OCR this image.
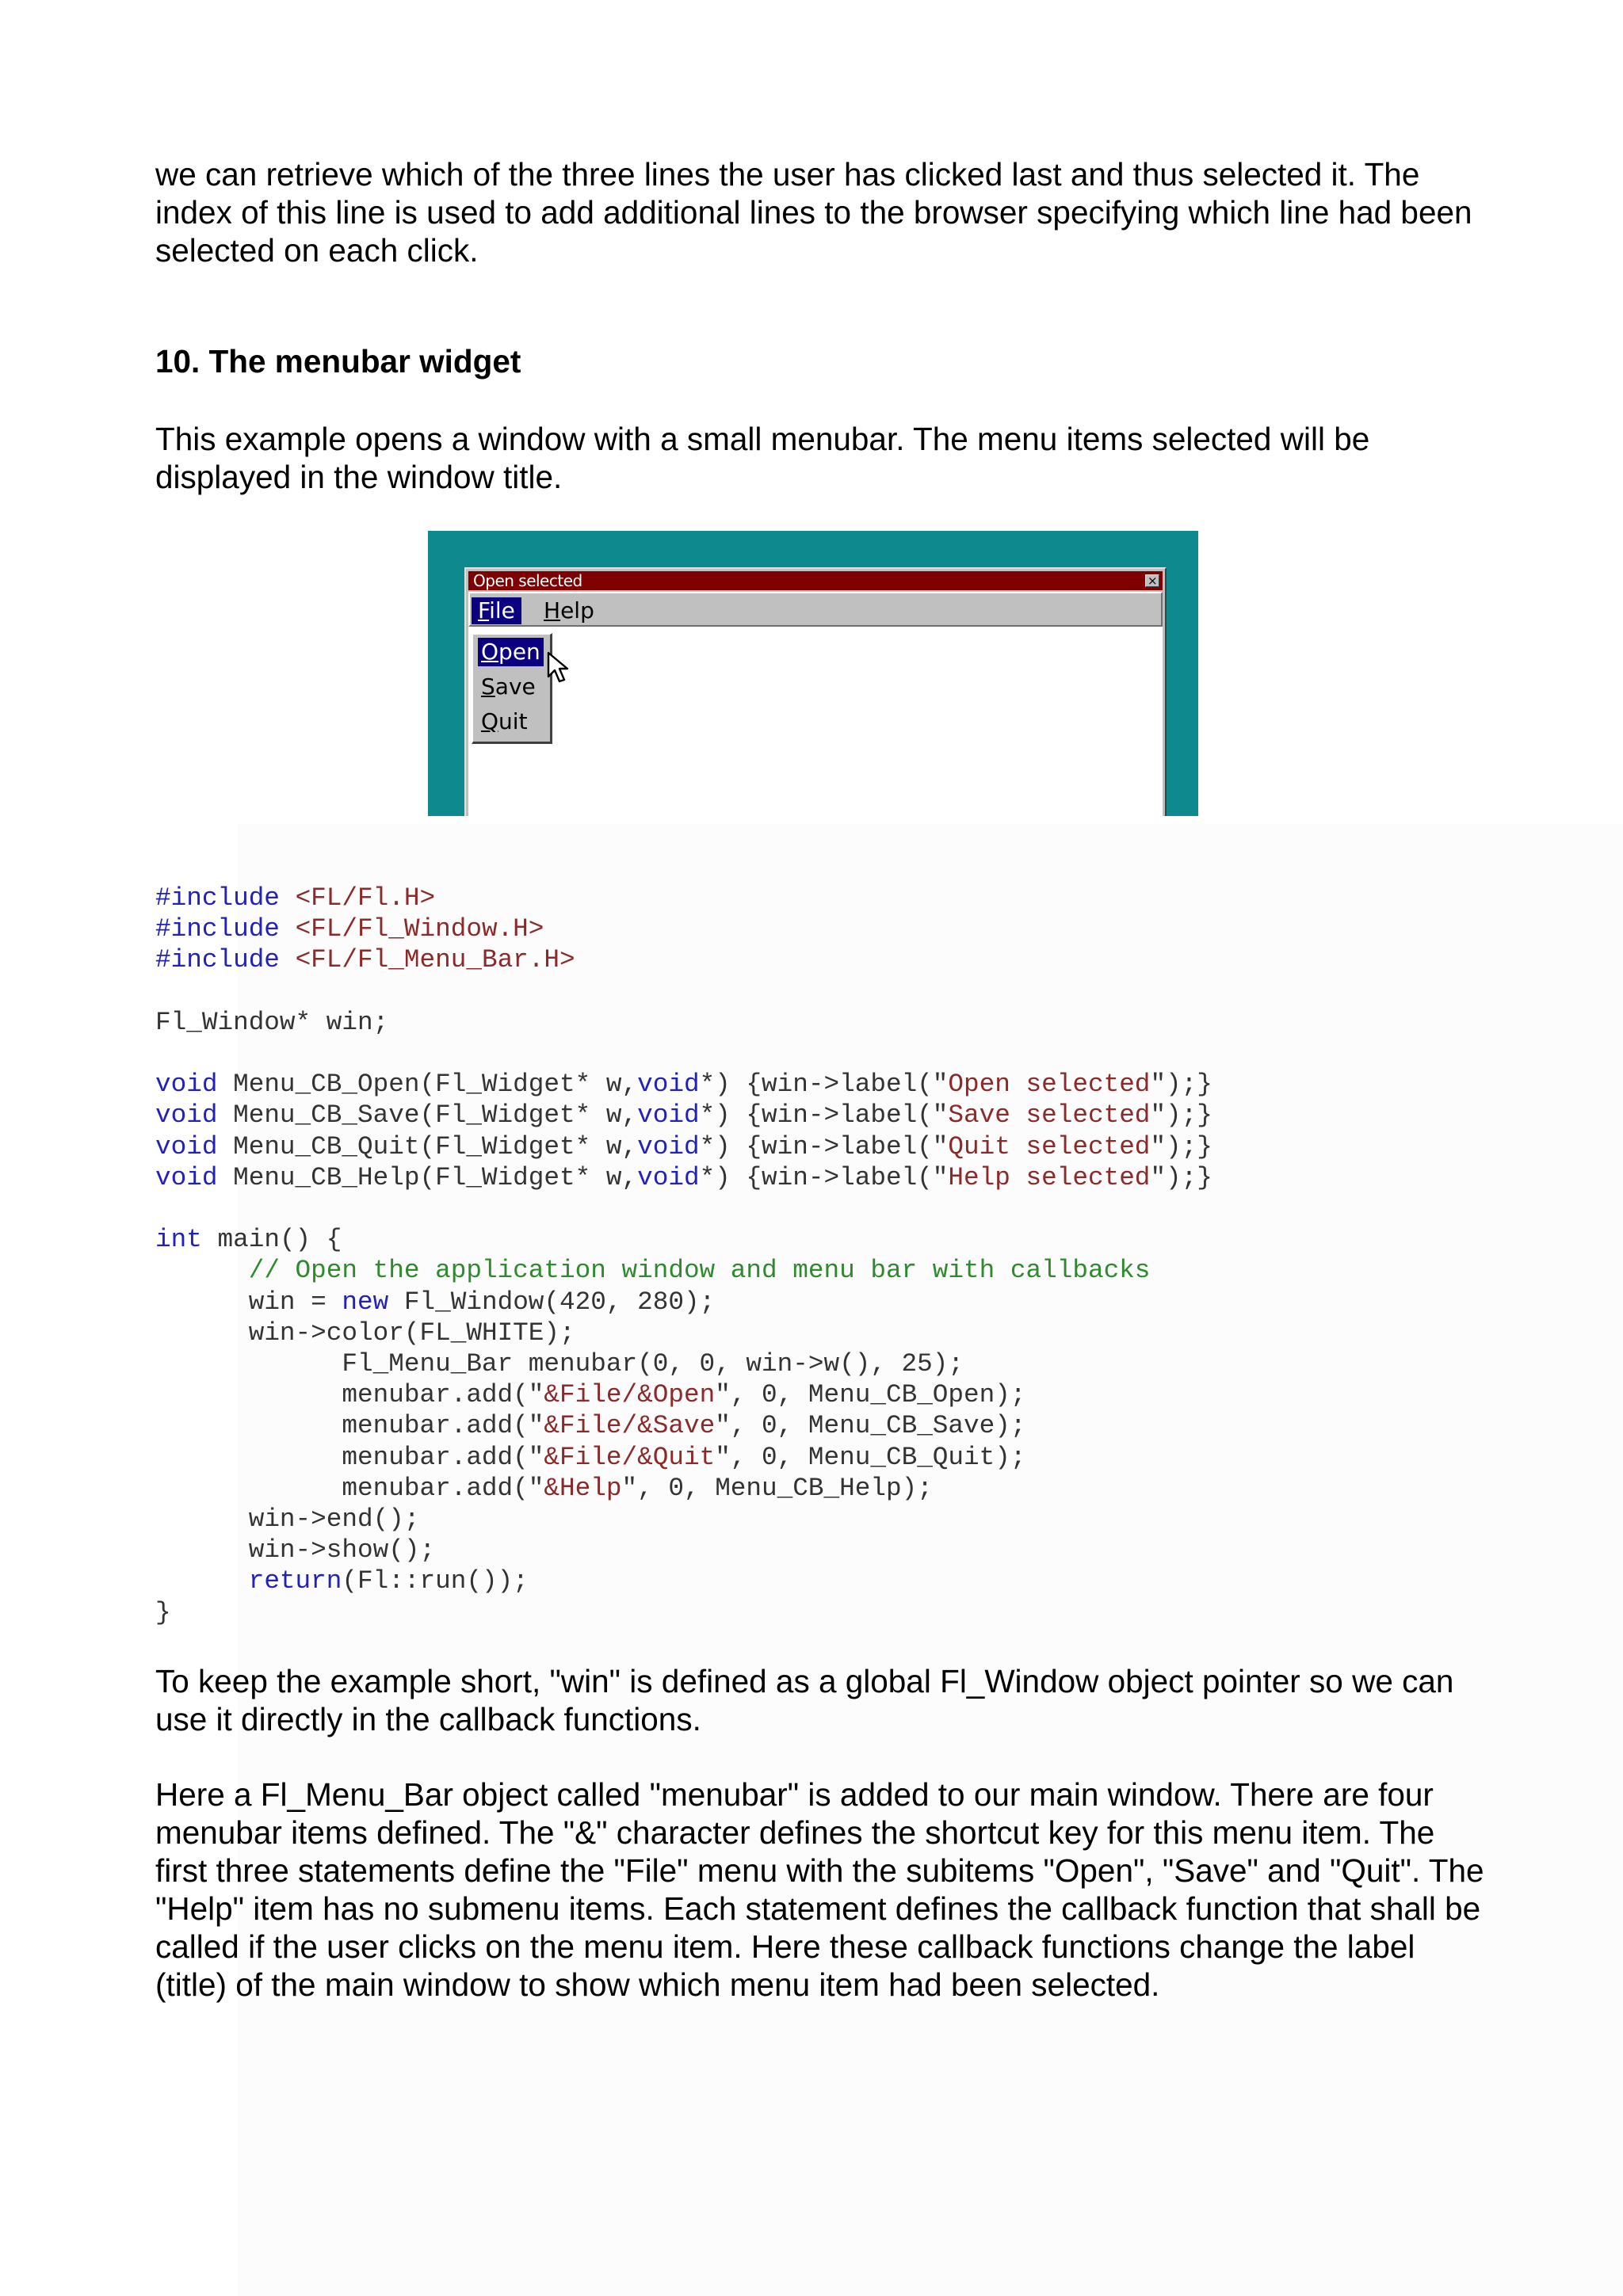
we can retrieve which of the three lines the user has clicked last and thus selected it. The index of this line is used to add additional lines to the browser specifying which line had been selected on each click.

10. The menubar widget

This example opens a window with a small menubar. The menu items selected will be displayed in the window title.

Open selected	×
File Help
Open
Save
Quit
#include <FL/Fl.H>
#include <FL/Fl_Window.H>
#include <FL/Fl_Menu_Bar.H>

Fl_Window* win;

void Menu_CB_Open(Fl_Widget* w,void*) {win->label("Open selected");}
void Menu_CB_Save(Fl_Widget* w,void*) {win->label("Save selected");}
void Menu_CB_Quit(Fl_Widget* w,void*) {win->label("Quit selected");}
void Menu_CB_Help(Fl_Widget* w,void*) {win->label("Help selected");}

int main() {
// Open the application window and menu bar with callbacks
win = new Fl_Window(420, 280);
win->color(FL_WHITE);
Fl_Menu_Bar menubar(0, 0, win->w(), 25);
menubar.add("&File/&Open", 0, Menu_CB_Open);
menubar.add("&File/&Save", 0, Menu_CB_Save);
menubar.add("&File/&Quit", 0, Menu_CB_Quit);
menubar.add("&Help", 0, Menu_CB_Help);
win->end();
win->show();
return(Fl::run());
}

To keep the example short, "win" is defined as a global Fl_Window object pointer so we can use it directly in the callback functions.

Here a Fl_Menu_Bar object called "menubar" is added to our main window. There are four menubar items defined. The "&" character defines the shortcut key for this menu item. The first three statements define the "File" menu with the subitems "Open", "Save" and "Quit". The "Help" item has no submenu items. Each statement defines the callback function that shall be called if the user clicks on the menu item. Here these callback functions change the label (title) of the main window to show which menu item had been selected.
